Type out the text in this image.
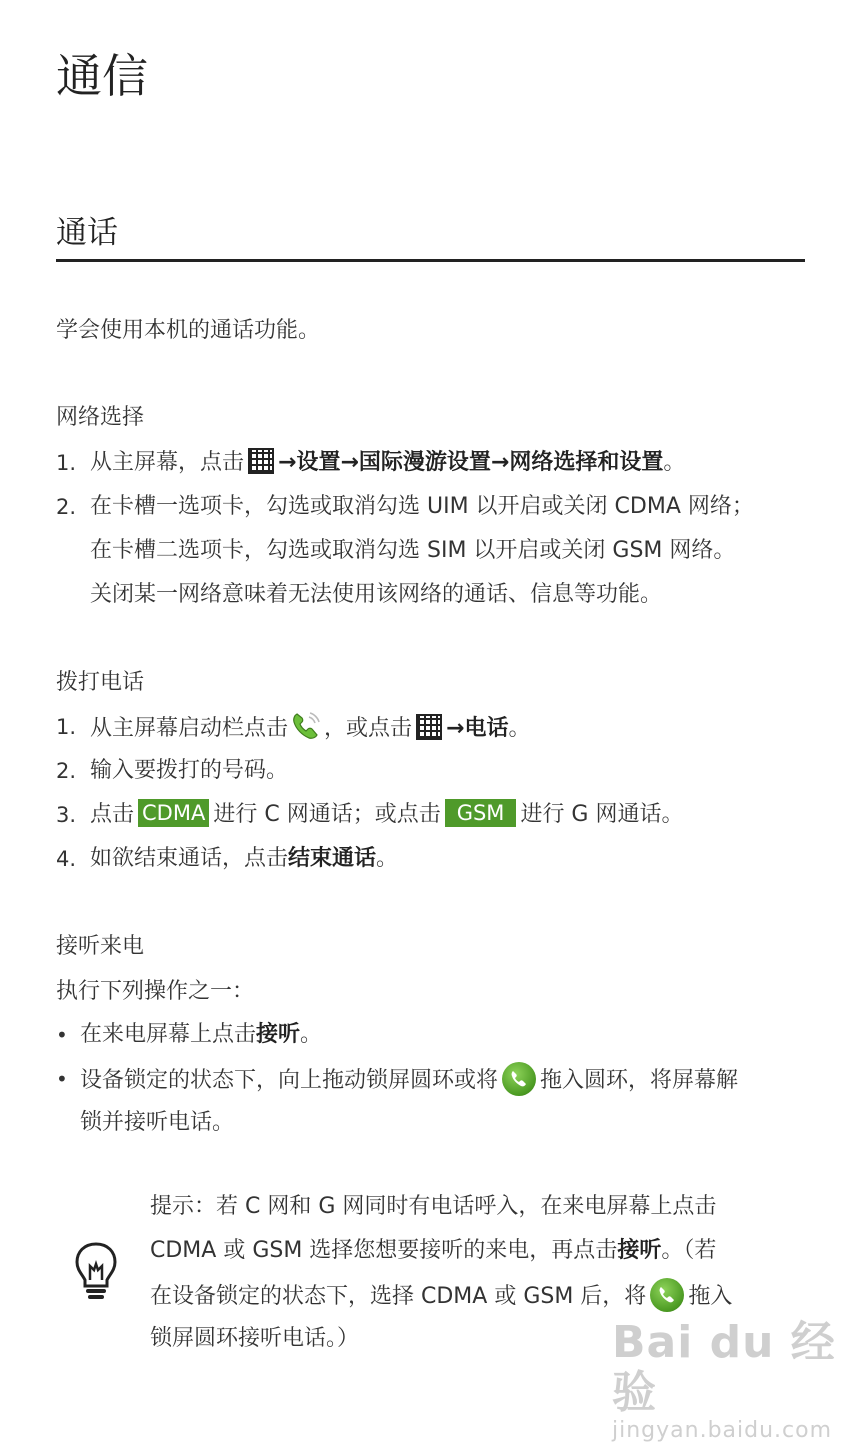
通信
通话
学会使用本机的通话功能。
网络选择
1. 从主屏幕，点击 →设置→国际漫游设置→网络选择和设置。
2. 在卡槽一选项卡，勾选或取消勾选 UIM 以开启或关闭 CDMA 网络；
在卡槽二选项卡，勾选或取消勾选 SIM 以开启或关闭 GSM 网络。
关闭某一网络意味着无法使用该网络的通话、信息等功能。
拨打电话
1. 从主屏幕启动栏点击 ，或点击 →电话。
2. 输入要拨打的号码。
3. 点击 CDMA 进行 C 网通话；或点击 GSM 进行 G 网通话。
4. 如欲结束通话，点击结束通话。
接听来电
执行下列操作之一：
• 在来电屏幕上点击接听。
• 设备锁定的状态下，向上拖动锁屏圆环或将 拖入圆环，将屏幕解
锁并接听电话。
提示：若 C 网和 G 网同时有电话呼入，在来电屏幕上点击
CDMA 或 GSM 选择您想要接听的来电，再点击接听。（若
在设备锁定的状态下，选择 CDMA 或 GSM 后，将 拖入
锁屏圆环接听电话。）	Bai du 经验
jingyan.baidu.com
